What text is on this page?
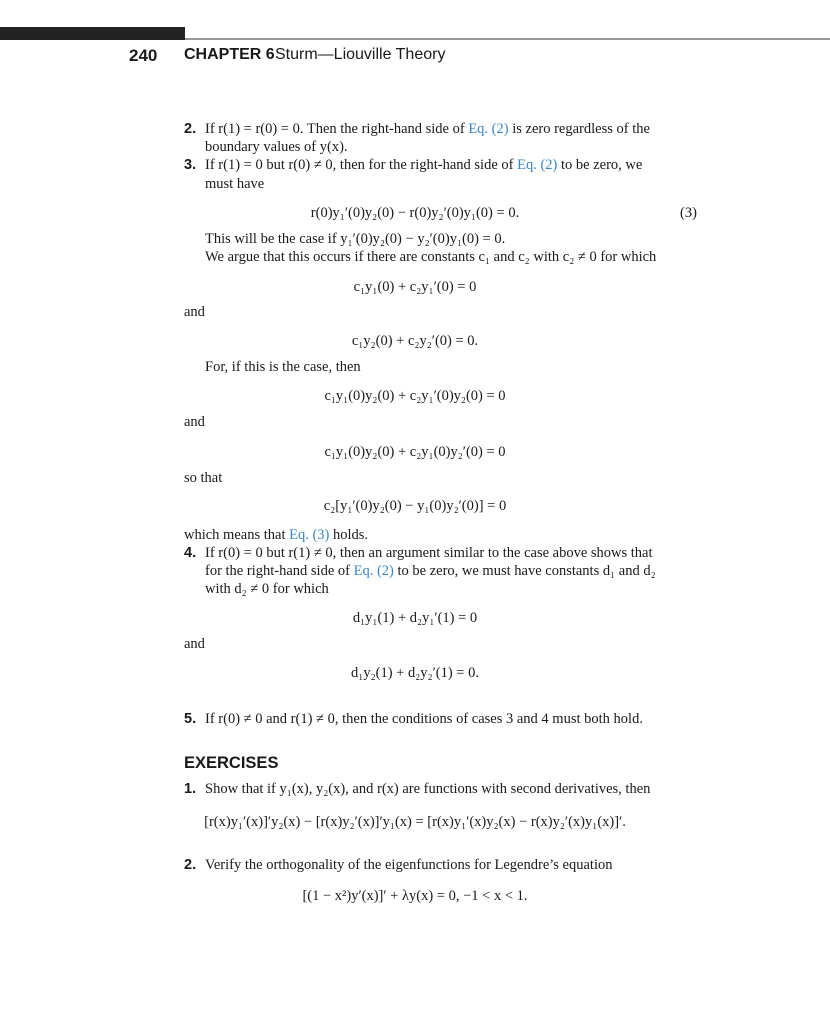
240 CHAPTER 6 Sturm—Liouville Theory
2. If r(1) = r(0) = 0. Then the right-hand side of Eq. (2) is zero regardless of the
boundary values of y(x).
3. If r(1) = 0 but r(0) ≠ 0, then for the right-hand side of Eq. (2) to be zero, we
must have
r(0)y₁′(0)y₂(0) − r(0)y₂′(0)y₁(0) = 0.	(3)
This will be the case if y₁′(0)y₂(0) − y₂′(0)y₁(0) = 0.
We argue that this occurs if there are constants c₁ and c₂ with c₂ ≠ 0 for which
c₁y₁(0) + c₂y₁′(0) = 0
and
c₁y₂(0) + c₂y₂′(0) = 0.
For, if this is the case, then
c₁y₁(0)y₂(0) + c₂y₁′(0)y₂(0) = 0
and
c₁y₁(0)y₂(0) + c₂y₁(0)y₂′(0) = 0
so that
c₂[y₁′(0)y₂(0) − y₁(0)y₂′(0)] = 0
which means that Eq. (3) holds.
4. If r(0) = 0 but r(1) ≠ 0, then an argument similar to the case above shows that
for the right-hand side of Eq. (2) to be zero, we must have constants d₁ and d₂
with d₂ ≠ 0 for which
d₁y₁(1) + d₂y₁′(1) = 0
and
d₁y₂(1) + d₂y₂′(1) = 0.
5. If r(0) ≠ 0 and r(1) ≠ 0, then the conditions of cases 3 and 4 must both hold.
EXERCISES
1. Show that if y₁(x), y₂(x), and r(x) are functions with second derivatives, then
[r(x)y₁′(x)]′y₂(x) − [r(x)y₂′(x)]′y₁(x) = [r(x)y₁′(x)y₂(x) − r(x)y₂′(x)y₁(x)]′.
2. Verify the orthogonality of the eigenfunctions for Legendre’s equation
[(1 − x²)y′(x)]′ + λy(x) = 0, −1 < x < 1.
